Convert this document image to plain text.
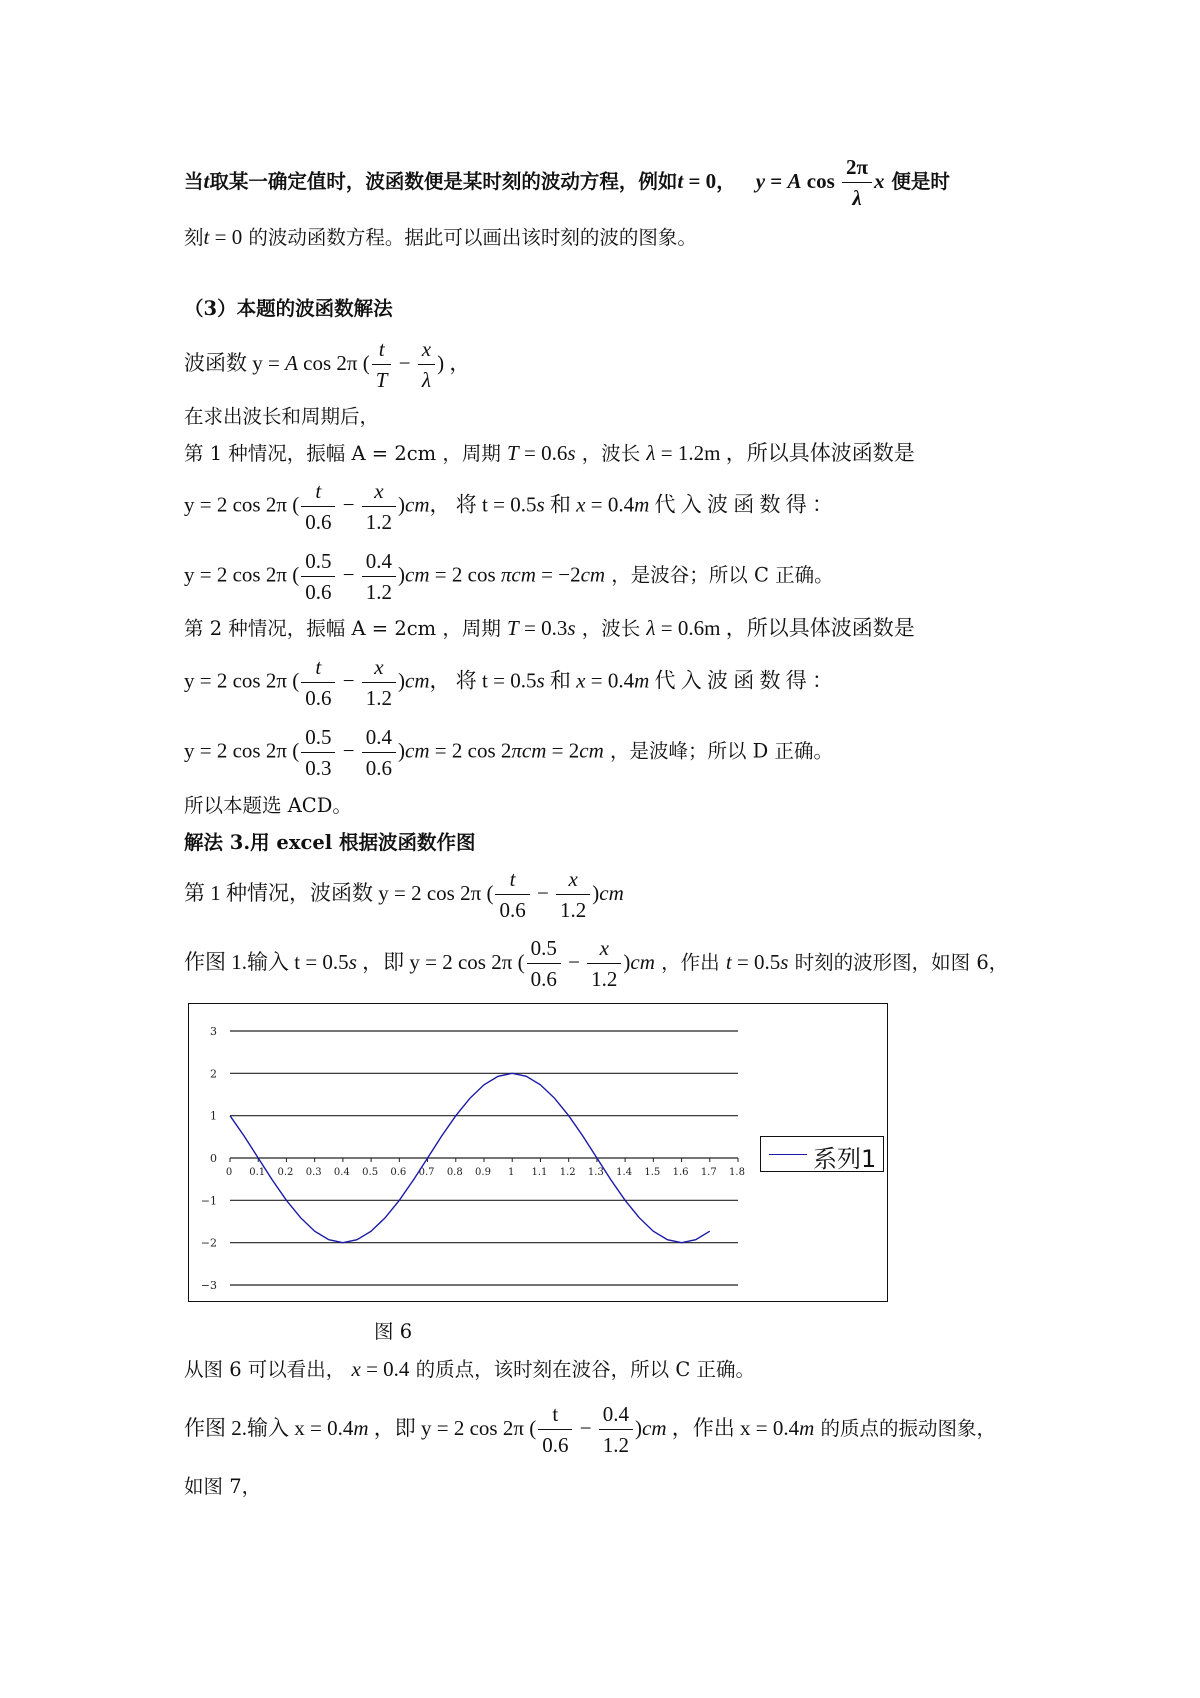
当t取某一确定值时，波函数便是某时刻的波动方程，例如t = 0， y = A $\cos \frac{2\pi}{\lambda}$ x 便是时
刻t = 0 的波动函数方程。据此可以画出该时刻的波的图象。
（3）本题的波函数解法
波函数 y = A cos 2π ( $\frac{t}{T} - \frac{x}{\lambda}$ ) ，
在求出波长和周期后，
第 1 种情况，振幅 A = 2cm ，周期 T = 0.6s ，波长 λ = 1.2m ，所以具体波函数是
y = 2 cos 2π ( $\frac{t}{0.6} - \frac{x}{1.2} )cm$， 将 t = 0.5s 和 x = 0.4m 代 入 波 函 数 得 ：
y = 2 cos 2π ( $\frac{0.5}{0.6} - \frac{0.4}{1.2} )cm = 2$ cos πcm = −2cm ，是波谷；所以 C 正确。
第 2 种情况，振幅 A = 2cm ，周期 T = 0.3s ，波长 λ = 0.6m ，所以具体波函数是
y = 2 cos 2π ( $\frac{t}{0.6} - \frac{x}{1.2} )cm$， 将 t = 0.5s 和 x = 0.4m 代 入 波 函 数 得 ：
y = 2 cos 2π ( $\frac{0.5}{0.3} - \frac{0.4}{0.6} )cm = 2$ cos 2πcm = 2cm ，是波峰；所以 D 正确。
所以本题选 ACD。
解法 3.用 excel 根据波函数作图
第 1 种情况，波函数 y = 2 cos 2π ( $\frac{t}{0.6} - \frac{x}{1.2} )cm$
作图 1.输入 t = 0.5s ，即 y = 2 cos 2π ( $\frac{0.5}{0.6} - \frac{x}{1.2} )cm$ ，作出 t = 0.5s 时刻的波形图，如图 6，
3
2
1
0
−1
−2
−3
0 0.1 0.2 0.3 0.4 0.5 0.6 0.7 0.8 0.9 1 1.1 1.2 1.3 1.4 1.5 1.6 1.7 1.8	系列1
图 6
从图 6 可以看出， x = 0.4 的质点，该时刻在波谷，所以 C 正确。
作图 2.输入 x = 0.4m ，即 y = 2 cos 2π ( $\frac{t}{0.6} - \frac{0.4}{1.2} )cm$ ，作出 x = 0.4m 的质点的振动图象，
如图 7，
